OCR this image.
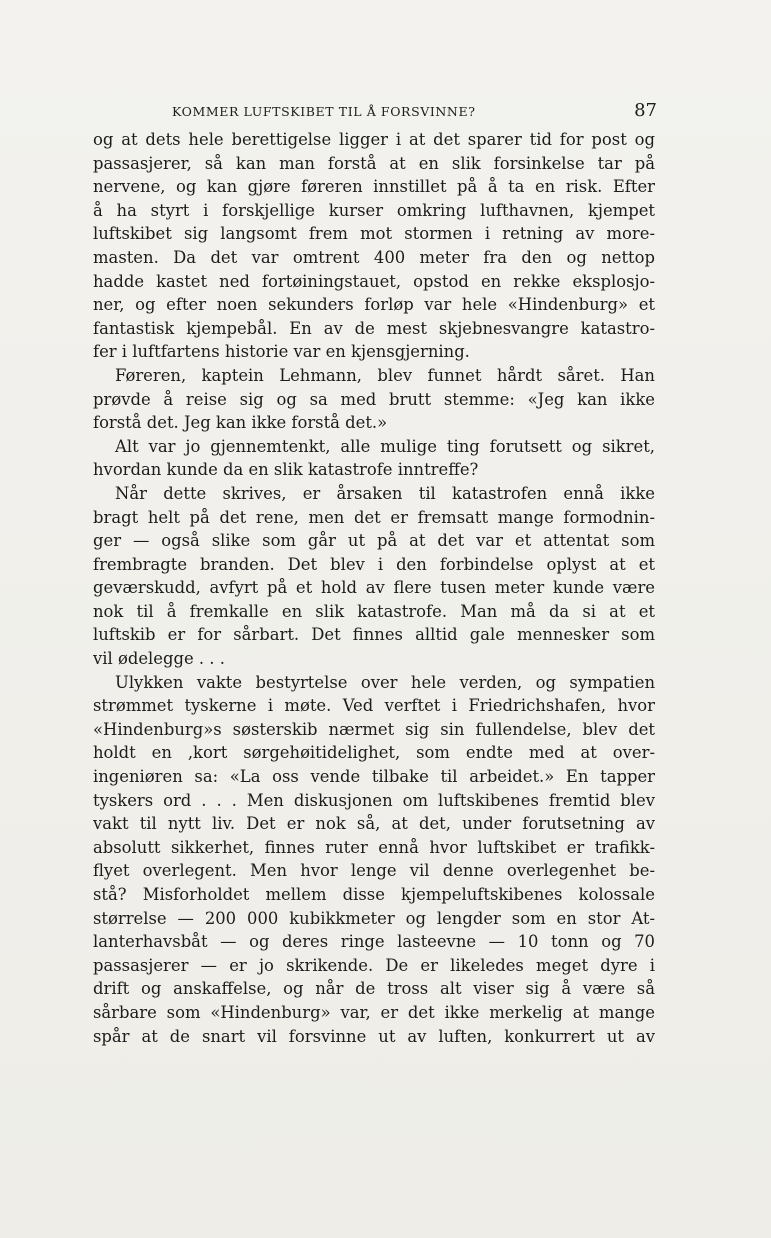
KOMMER LUFTSKIBET TIL Å FORSVINNE?	87
og at dets hele berettigelse ligger i at det sparer tid for post og
passasjerer, så kan man forstå at en slik forsinkelse tar på
nervene, og kan gjøre føreren innstillet på å ta en risk. Efter
å ha styrt i forskjellige kurser omkring lufthavnen, kjempet
luftskibet sig langsomt frem mot stormen i retning av more-
masten. Da det var omtrent 400 meter fra den og nettop
hadde kastet ned fortøiningstauet, opstod en rekke eksplosjo-
ner, og efter noen sekunders forløp var hele «Hindenburg» et
fantastisk kjempebål. En av de mest skjebnesvangre katastro-
fer i luftfartens historie var en kjensgjerning.
Føreren, kaptein Lehmann, blev funnet hårdt såret. Han
prøvde å reise sig og sa med brutt stemme: «Jeg kan ikke
forstå det. Jeg kan ikke forstå det.»
Alt var jo gjennemtenkt, alle mulige ting forutsett og sikret,
hvordan kunde da en slik katastrofe inntreffe?
Når dette skrives, er årsaken til katastrofen ennå ikke
bragt helt på det rene, men det er fremsatt mange formodnin-
ger — også slike som går ut på at det var et attentat som
frembragte branden. Det blev i den forbindelse oplyst at et
geværskudd, avfyrt på et hold av flere tusen meter kunde være
nok til å fremkalle en slik katastrofe. Man må da si at et
luftskib er for sårbart. Det finnes alltid gale mennesker som
vil ødelegge . . .
Ulykken vakte bestyrtelse over hele verden, og sympatien
strømmet tyskerne i møte. Ved verftet i Friedrichshafen, hvor
«Hindenburg»s søsterskib nærmet sig sin fullendelse, blev det
holdt en ,kort sørgehøitidelighet, som endte med at over-
ingeniøren sa: «La oss vende tilbake til arbeidet.» En tapper
tyskers ord . . . Men diskusjonen om luftskibenes fremtid blev
vakt til nytt liv. Det er nok så, at det, under forutsetning av
absolutt sikkerhet, finnes ruter ennå hvor luftskibet er trafikk-
flyet overlegent. Men hvor lenge vil denne overlegenhet be-
stå? Misforholdet mellem disse kjempeluftskibenes kolossale
størrelse — 200 000 kubikkmeter og lengder som en stor At-
lanterhavsbåt — og deres ringe lasteevne — 10 tonn og 70
passasjerer — er jo skrikende. De er likeledes meget dyre i
drift og anskaffelse, og når de tross alt viser sig å være så
sårbare som «Hindenburg» var, er det ikke merkelig at mange
spår at de snart vil forsvinne ut av luften, konkurrert ut av
